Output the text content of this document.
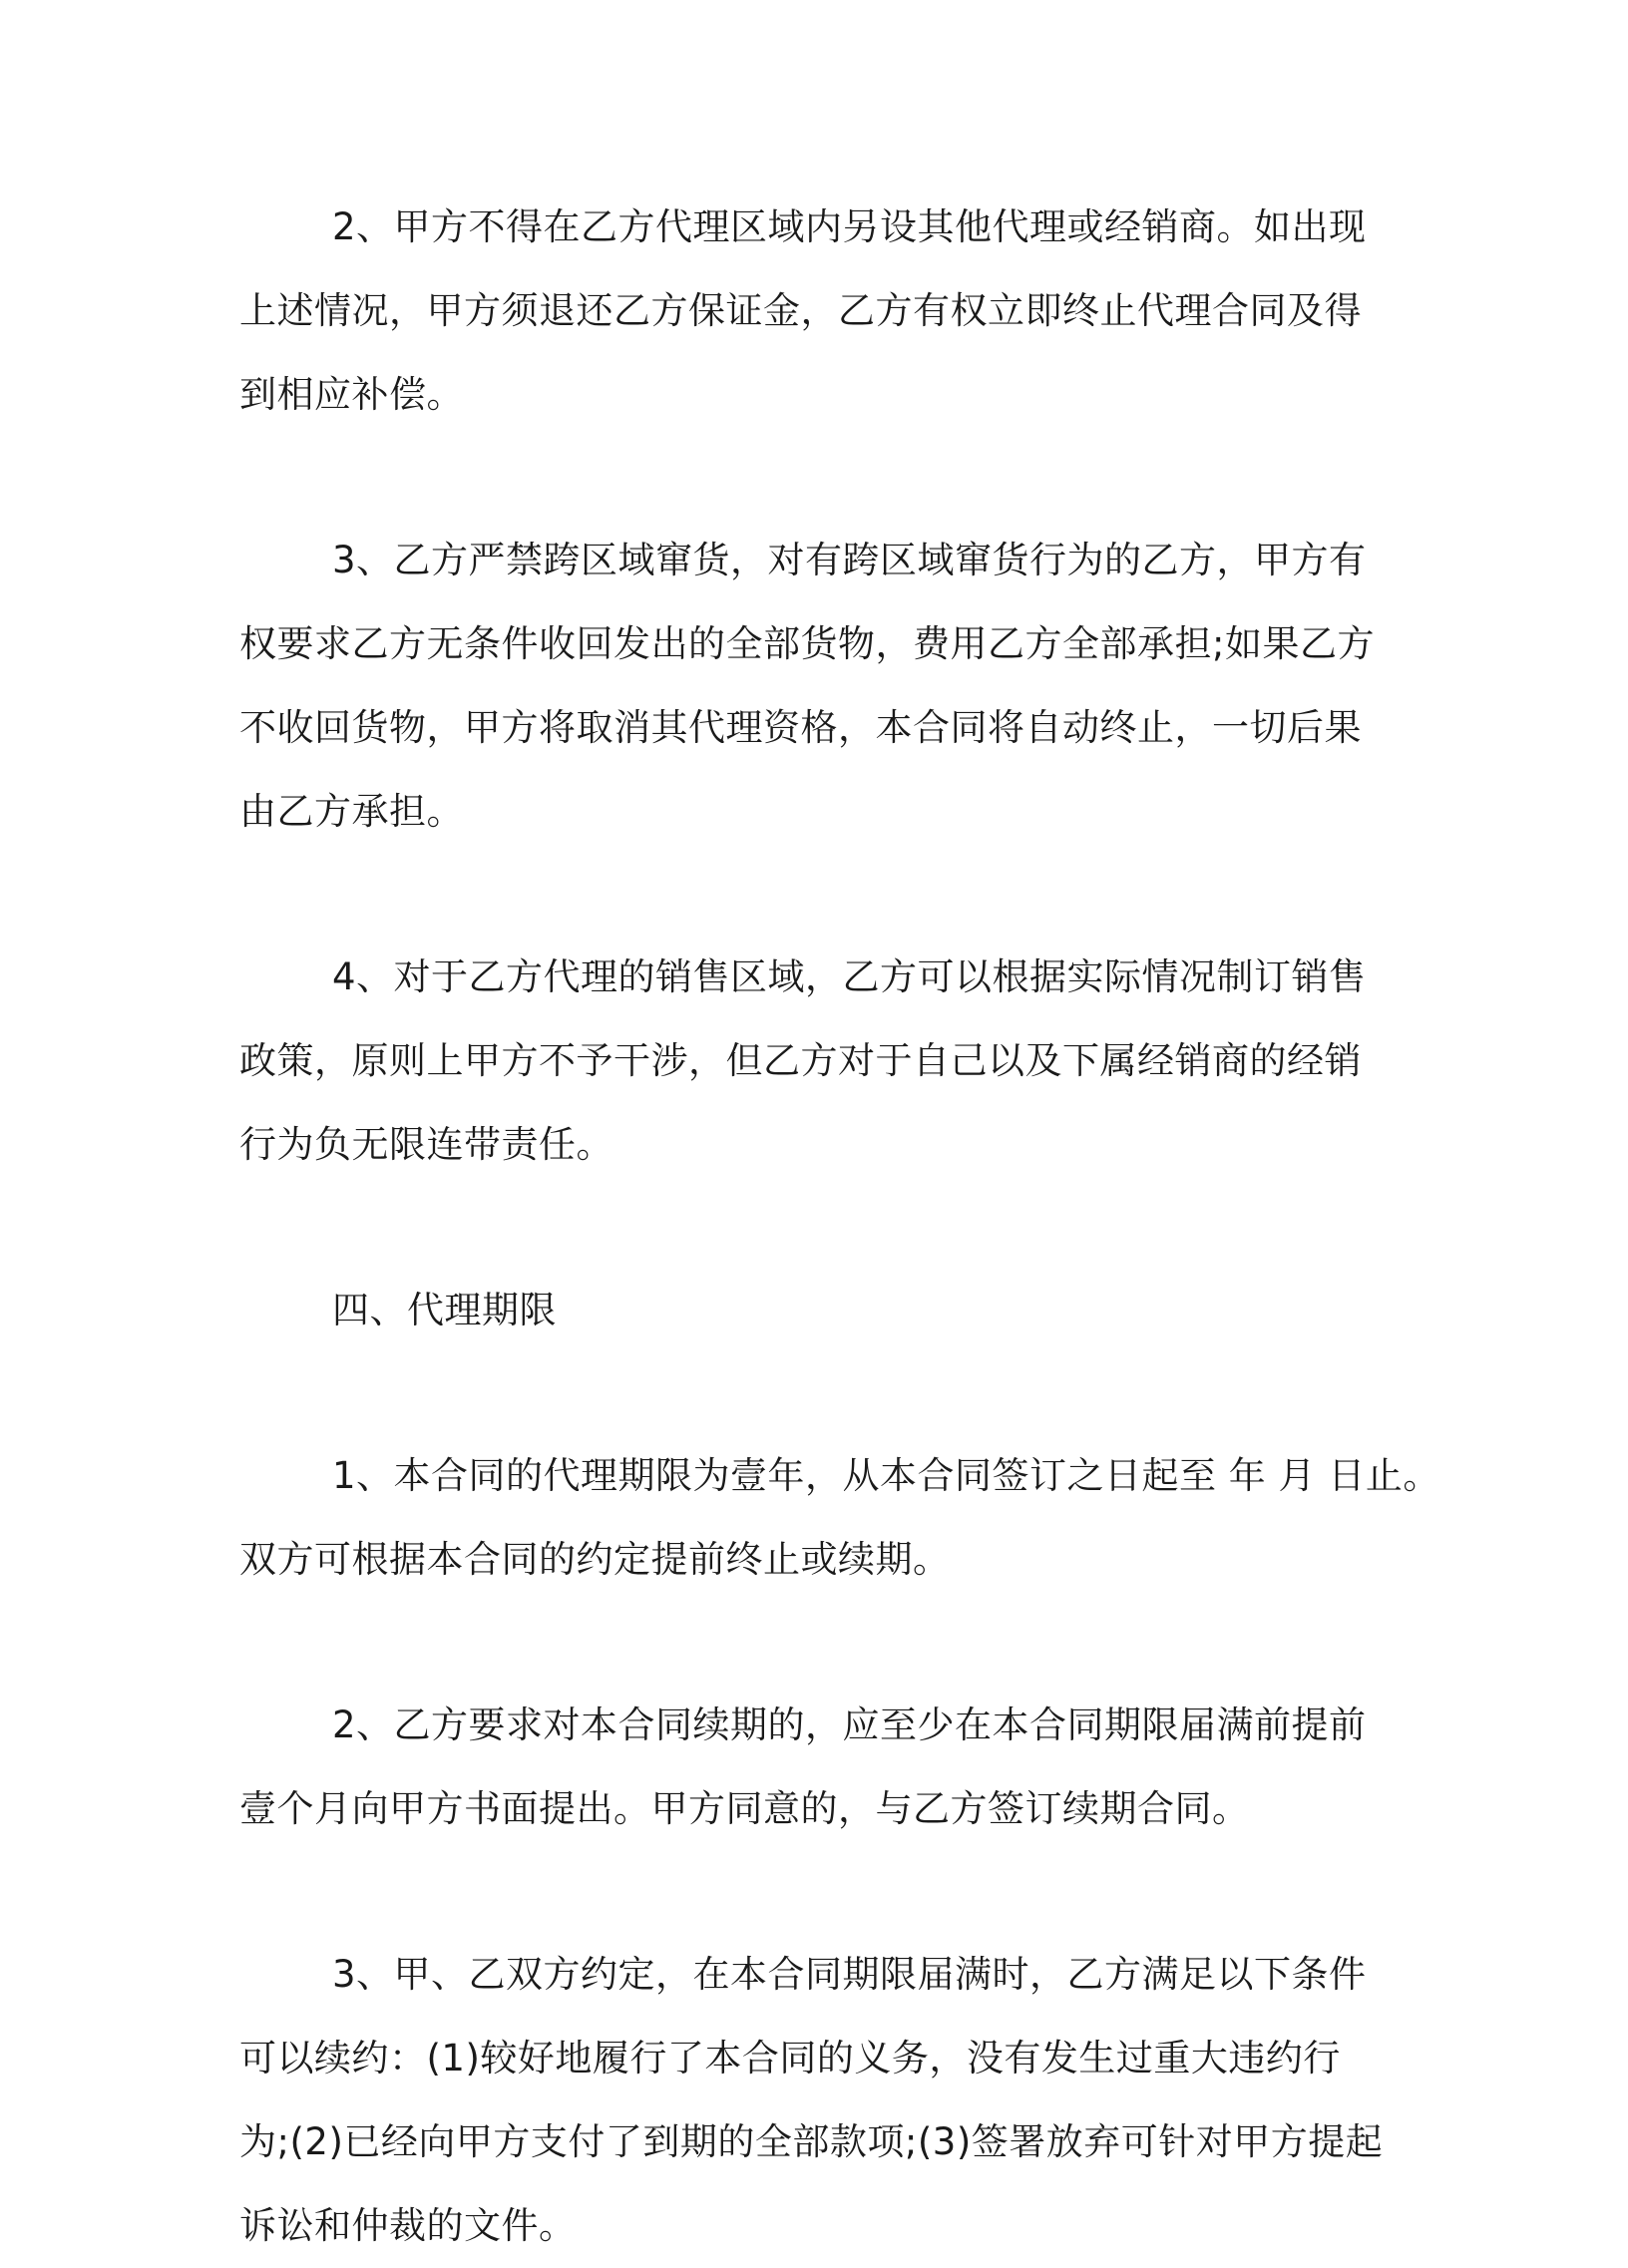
2、甲方不得在乙方代理区域内另设其他代理或经销商。如出现
上述情况，甲方须退还乙方保证金，乙方有权立即终止代理合同及得
到相应补偿。

3、乙方严禁跨区域窜货，对有跨区域窜货行为的乙方，甲方有
权要求乙方无条件收回发出的全部货物，费用乙方全部承担;如果乙方
不收回货物，甲方将取消其代理资格，本合同将自动终止，一切后果
由乙方承担。

4、对于乙方代理的销售区域，乙方可以根据实际情况制订销售
政策，原则上甲方不予干涉，但乙方对于自己以及下属经销商的经销
行为负无限连带责任。

四、代理期限

1、本合同的代理期限为壹年，从本合同签订之日起至 年 月 日止。
双方可根据本合同的约定提前终止或续期。

2、乙方要求对本合同续期的，应至少在本合同期限届满前提前
壹个月向甲方书面提出。甲方同意的，与乙方签订续期合同。

3、甲、乙双方约定，在本合同期限届满时，乙方满足以下条件
可以续约：(1)较好地履行了本合同的义务，没有发生过重大违约行
为;(2)已经向甲方支付了到期的全部款项;(3)签署放弃可针对甲方提起
诉讼和仲裁的文件。
